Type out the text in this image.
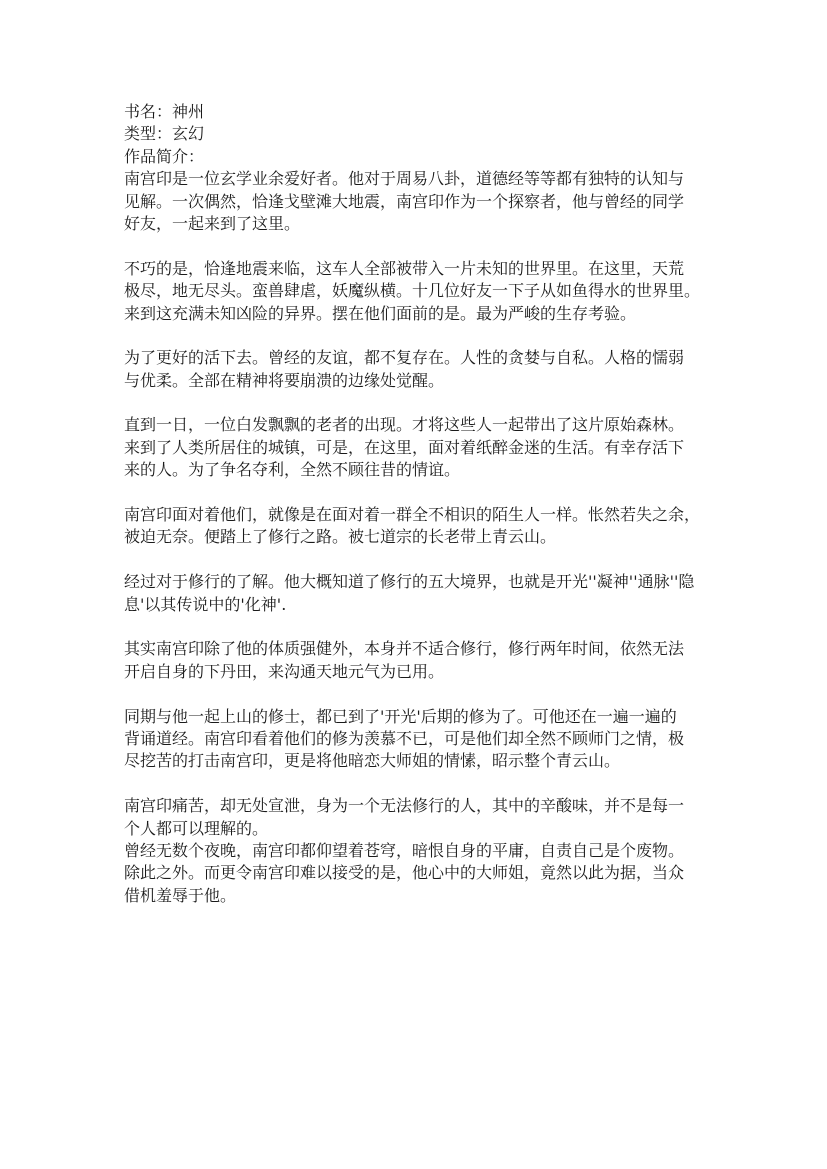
书名：神州
类型：玄幻
作品简介：
南宫印是一位玄学业余爱好者。他对于周易八卦，道德经等等都有独特的认知与
见解。一次偶然，恰逢戈壁滩大地震，南宫印作为一个探察者，他与曾经的同学
好友，一起来到了这里。
不巧的是，恰逢地震来临，这车人全部被带入一片未知的世界里。在这里，天荒
极尽，地无尽头。蛮兽肆虐，妖魔纵横。十几位好友一下子从如鱼得水的世界里。
来到这充满未知凶险的异界。摆在他们面前的是。最为严峻的生存考验。
为了更好的活下去。曾经的友谊，都不复存在。人性的贪婪与自私。人格的懦弱
与优柔。全部在精神将要崩溃的边缘处觉醒。
直到一日，一位白发飘飘的老者的出现。才将这些人一起带出了这片原始森林。
来到了人类所居住的城镇，可是，在这里，面对着纸醉金迷的生活。有幸存活下
来的人。为了争名夺利，全然不顾往昔的情谊。
南宫印面对着他们，就像是在面对着一群全不相识的陌生人一样。怅然若失之余，
被迫无奈。便踏上了修行之路。被七道宗的长老带上青云山。
经过对于修行的了解。他大概知道了修行的五大境界，也就是开光''凝神''通脉''隐
息'以其传说中的'化神'.
其实南宫印除了他的体质强健外，本身并不适合修行，修行两年时间，依然无法
开启自身的下丹田，来沟通天地元气为已用。
同期与他一起上山的修士，都已到了'开光'后期的修为了。可他还在一遍一遍的
背诵道经。南宫印看着他们的修为羡慕不已，可是他们却全然不顾师门之情，极
尽挖苦的打击南宫印，更是将他暗恋大师姐的情愫，昭示整个青云山。
南宫印痛苦，却无处宣泄，身为一个无法修行的人，其中的辛酸味，并不是每一
个人都可以理解的。
曾经无数个夜晚，南宫印都仰望着苍穹，暗恨自身的平庸，自责自己是个废物。
除此之外。而更令南宫印难以接受的是，他心中的大师姐，竟然以此为据，当众
借机羞辱于他。
